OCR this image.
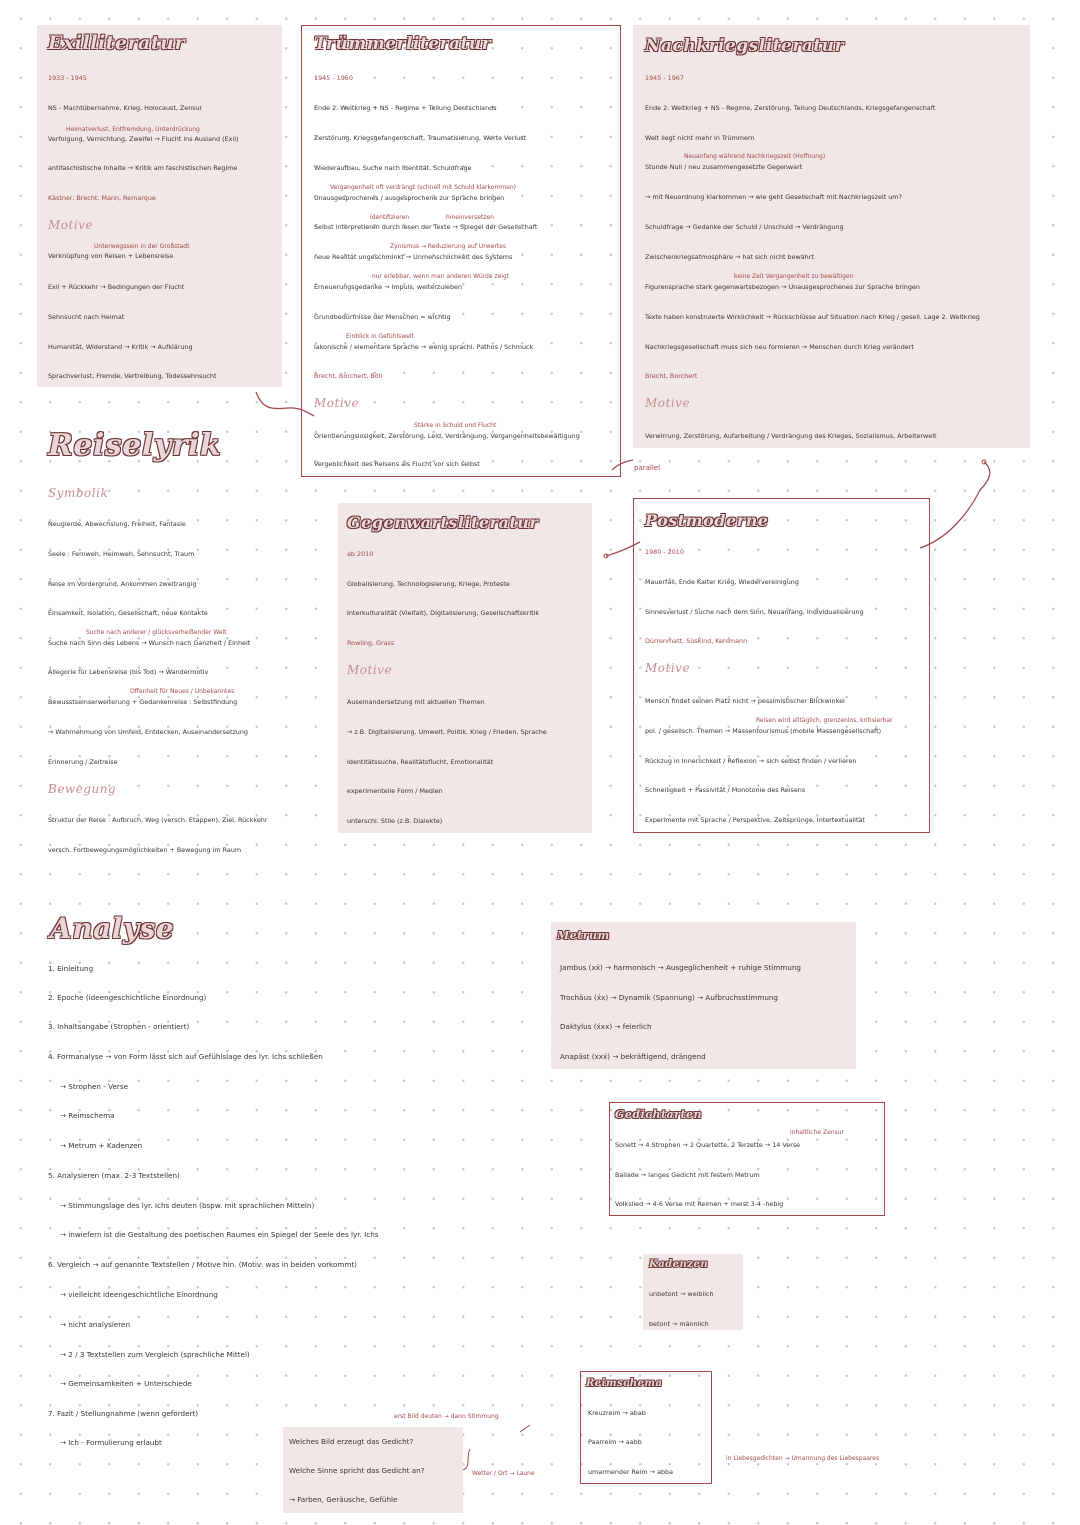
Exilliteratur
1933 - 1945
NS - Machtübernahme, Krieg, Holocaust, Zensur
Heimatverlust, Entfremdung, Unterdrückung
Verfolgung, Vernichtung, Zweifel → Flucht ins Ausland (Exil)
antifaschistische Inhalte → Kritik am faschistischen Regime
Kästner, Brecht, Mann, Remarque
Motive
Unterwegssein in der Großstadt
Verknüpfung von Reisen + Lebensreise
Exil + Rückkehr → Bedingungen der Flucht
Sehnsucht nach Heimat
Humanität, Widerstand → Kritik → Aufklärung
Sprachverlust, Fremde, Vertreibung, Todessehnsucht
Trümmerliteratur
1945 - 1950
Ende 2. Weltkrieg + NS - Regime + Teilung Deutschlands
Zerstörung, Kriegsgefangenschaft, Traumatisierung, Werte Verlust
Wiederaufbau, Suche nach Identität, Schuldfrage
Vergangenheit oft verdrängt (schnell mit Schuld klarkommen)
Unausgesprochenes / ausgesprochene zur Sprache bringen
identifizieren	hineinversetzen
Selbst interpretieren durch lesen der Texte → Spiegel der Gesellschaft
Zynismus → Reduzierung auf Urwertes
neue Realität ungeschminkt → Unmenschlichkeit des Systems
nur erlebbar, wenn man anderen Würde zeigt
Erneuerungsgedanke → Impuls, weiterzuleben
Grundbedürfnisse der Menschen = wichtig
Einblick in Gefühlswelt
lakonische / elementare Sprache → wenig sprachl. Pathos / Schmuck
Brecht, Borchert, Böll
Motive
Stärke in Schuld und Flucht
Orientierungslosigkeit, Zerstörung, Leid, Verdrängung, Vergangenheitsbewältigung
Vergeblichkeit des Reisens als Flucht vor sich selbst
Nachkriegsliteratur
1945 - 1967
Ende 2. Weltkrieg + NS - Regime, Zerstörung, Teilung Deutschlands, Kriegsgefangenschaft
Welt liegt nicht mehr in Trümmern
Neuanfang während Nachkriegszeit (Hoffnung)
Stunde Null / neu zusammengesetzte Gegenwart
→ mit Neuordnung klarkommen → wie geht Gesellschaft mit Nachkriegszeit um?
Schuldfrage → Gedanke der Schuld / Unschuld → Verdrängung
Zwischenkriegsatmosphäre → hat sich nicht bewährt
keine Zeit Vergangenheit zu bewältigen
Figurensprache stark gegenwartsbezogen → Unausgesprochenes zur Sprache bringen
Texte haben konstruierte Wirklichkeit → Rückschlüsse auf Situation nach Krieg / gesell. Lage 2. Weltkrieg
Nachkriegsgesellschaft muss sich neu formieren → Menschen durch Krieg verändert
Brecht, Borchert
Motive
Verwirrung, Zerstörung, Aufarbeitung / Verdrängung des Krieges, Sozialismus, Arbeiterwelt
parallel
Reiselyrik
Symbolik
Neugierde, Abwechslung, Freiheit, Fantasie
Seele : Fernweh, Heimweh, Sehnsucht, Traum
Reise im Vordergrund, Ankommen zweitrangig
Einsamkeit, Isolation, Gesellschaft, neue Kontakte
Suche nach anderer / glücksverheißender Welt
Suche nach Sinn des Lebens → Wunsch nach Ganzheit / Einheit
Allegorie für Lebensreise (bis Tod) → Wandermotiv
Offenheit für Neues / Unbekanntes
Bewusstseinserweiterung + Gedankenreise : Selbstfindung
→ Wahrnehmung von Umfeld, Entdecken, Auseinandersetzung
Erinnerung / Zeitreise
Bewegung
Struktur der Reise : Aufbruch, Weg (versch. Etappen), Ziel, Rückkehr
versch. Fortbewegungsmöglichkeiten + Bewegung im Raum
Gegenwartsliteratur
ab 2010
Globalisierung, Technologisierung, Kriege, Proteste
Interkulturalität (Vielfalt), Digitalisierung, Gesellschaftskritik
Rowling, Grass
Motive
Auseinandersetzung mit aktuellen Themen
→ z.B. Digitalisierung, Umwelt, Politik, Krieg / Frieden, Sprache
Identitätssuche, Realitätsflucht, Emotionalität
experimentelle Form / Medien
unterschi. Stile (z.B. Dialekte)
Postmoderne
1980 - 2010
Mauerfall, Ende Kalter Krieg, Wiedervereinigung
Sinnesverlust / Suche nach dem Sinn, Neuanfang, Individualisierung
Dürrenmatt, Süskind, Kehlmann
Motive
Mensch findet seinen Platz nicht → pessimistischer Blickwinkel
Reisen wird alltäglich, grenzenlos, kritisierbar
pol. / gesellsch. Themen → Massentourismus (mobile Massengesellschaft)
Rückzug in Innerlichkeit / Reflexion → sich selbst finden / verlieren
Schnelligkeit + Passivität / Monotonie des Reisens
Experimente mit Sprache / Perspektive, Zeitsprünge, Intertextualität
Analyse
1. Einleitung
2. Epoche (ideengeschichtliche Einordnung)
3. Inhaltsangabe (Strophen - orientiert)
4. Formanalyse → von Form lässt sich auf Gefühlslage des lyr. Ichs schließen
→ Strophen - Verse
→ Reimschema
→ Metrum + Kadenzen
5. Analysieren (max. 2-3 Textstellen)
→ Stimmungslage des lyr. Ichs deuten (bspw. mit sprachlichen Mitteln)
→ inwiefern ist die Gestaltung des poetischen Raumes ein Spiegel der Seele des lyr. Ichs
6. Vergleich → auf genannte Textstellen / Motive hin. (Motiv: was in beiden vorkommt)
→ vielleicht ideengeschichtliche Einordnung
→ nicht analysieren
→ 2 / 3 Textstellen zum Vergleich (sprachliche Mittel)
→ Gemeinsamkeiten + Unterschiede
7. Fazit / Stellungnahme (wenn gefordert)
→ Ich - Formulierung erlaubt
erst Bild deuten → dann Stimmung
Welches Bild erzeugt das Gedicht?
Welche Sinne spricht das Gedicht an?	Wetter / Ort → Laune
→ Farben, Geräusche, Gefühle
Metrum
Jambus (xx́) → harmonisch → Ausgeglichenheit + ruhige Stimmung
Trochäus (x́x) → Dynamik (Spannung) → Aufbruchsstimmung
Daktylus (x́xx) → feierlich
Anapäst (xxx́) → bekräftigend, drängend
Gedichtarten
inhaltliche Zensur
Sonett → 4 Strophen → 2 Quartette, 2 Terzette → 14 Verse
Ballade → langes Gedicht mit festem Metrum
Volkslied → 4-6 Verse mit Reimen + meist 3-4 -hebig
Kadenzen
unbetont → weiblich
betont → männlich
Reimschema
Kreuzreim → abab
Paarreim → aabb
umarmender Reim → abba
in Liebesgedichten → Umarmung des Liebespaares
